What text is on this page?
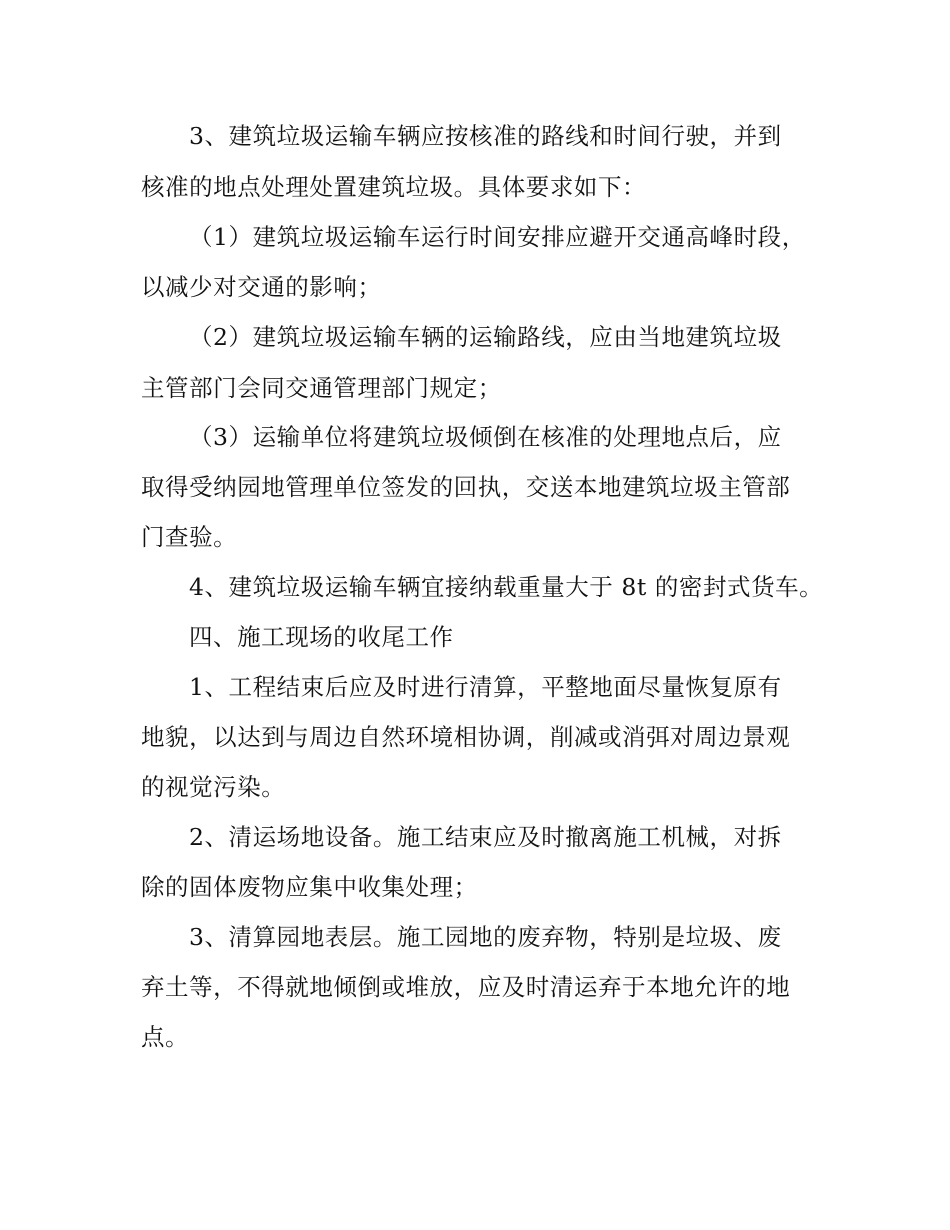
3、建筑垃圾运输车辆应按核准的路线和时间行驶，并到
核准的地点处理处置建筑垃圾。具体要求如下：
（1）建筑垃圾运输车运行时间安排应避开交通高峰时段，
以减少对交通的影响；
（2）建筑垃圾运输车辆的运输路线，应由当地建筑垃圾
主管部门会同交通管理部门规定；
（3）运输单位将建筑垃圾倾倒在核准的处理地点后，应
取得受纳园地管理单位签发的回执，交送本地建筑垃圾主管部
门查验。
4、建筑垃圾运输车辆宜接纳载重量大于 8t 的密封式货车。
四、施工现场的收尾工作
1、工程结束后应及时进行清算，平整地面尽量恢复原有
地貌，以达到与周边自然环境相协调，削减或消弭对周边景观
的视觉污染。
2、清运场地设备。施工结束应及时撤离施工机械，对拆
除的固体废物应集中收集处理；
3、清算园地表层。施工园地的废弃物，特别是垃圾、废
弃土等，不得就地倾倒或堆放，应及时清运弃于本地允许的地
点。
